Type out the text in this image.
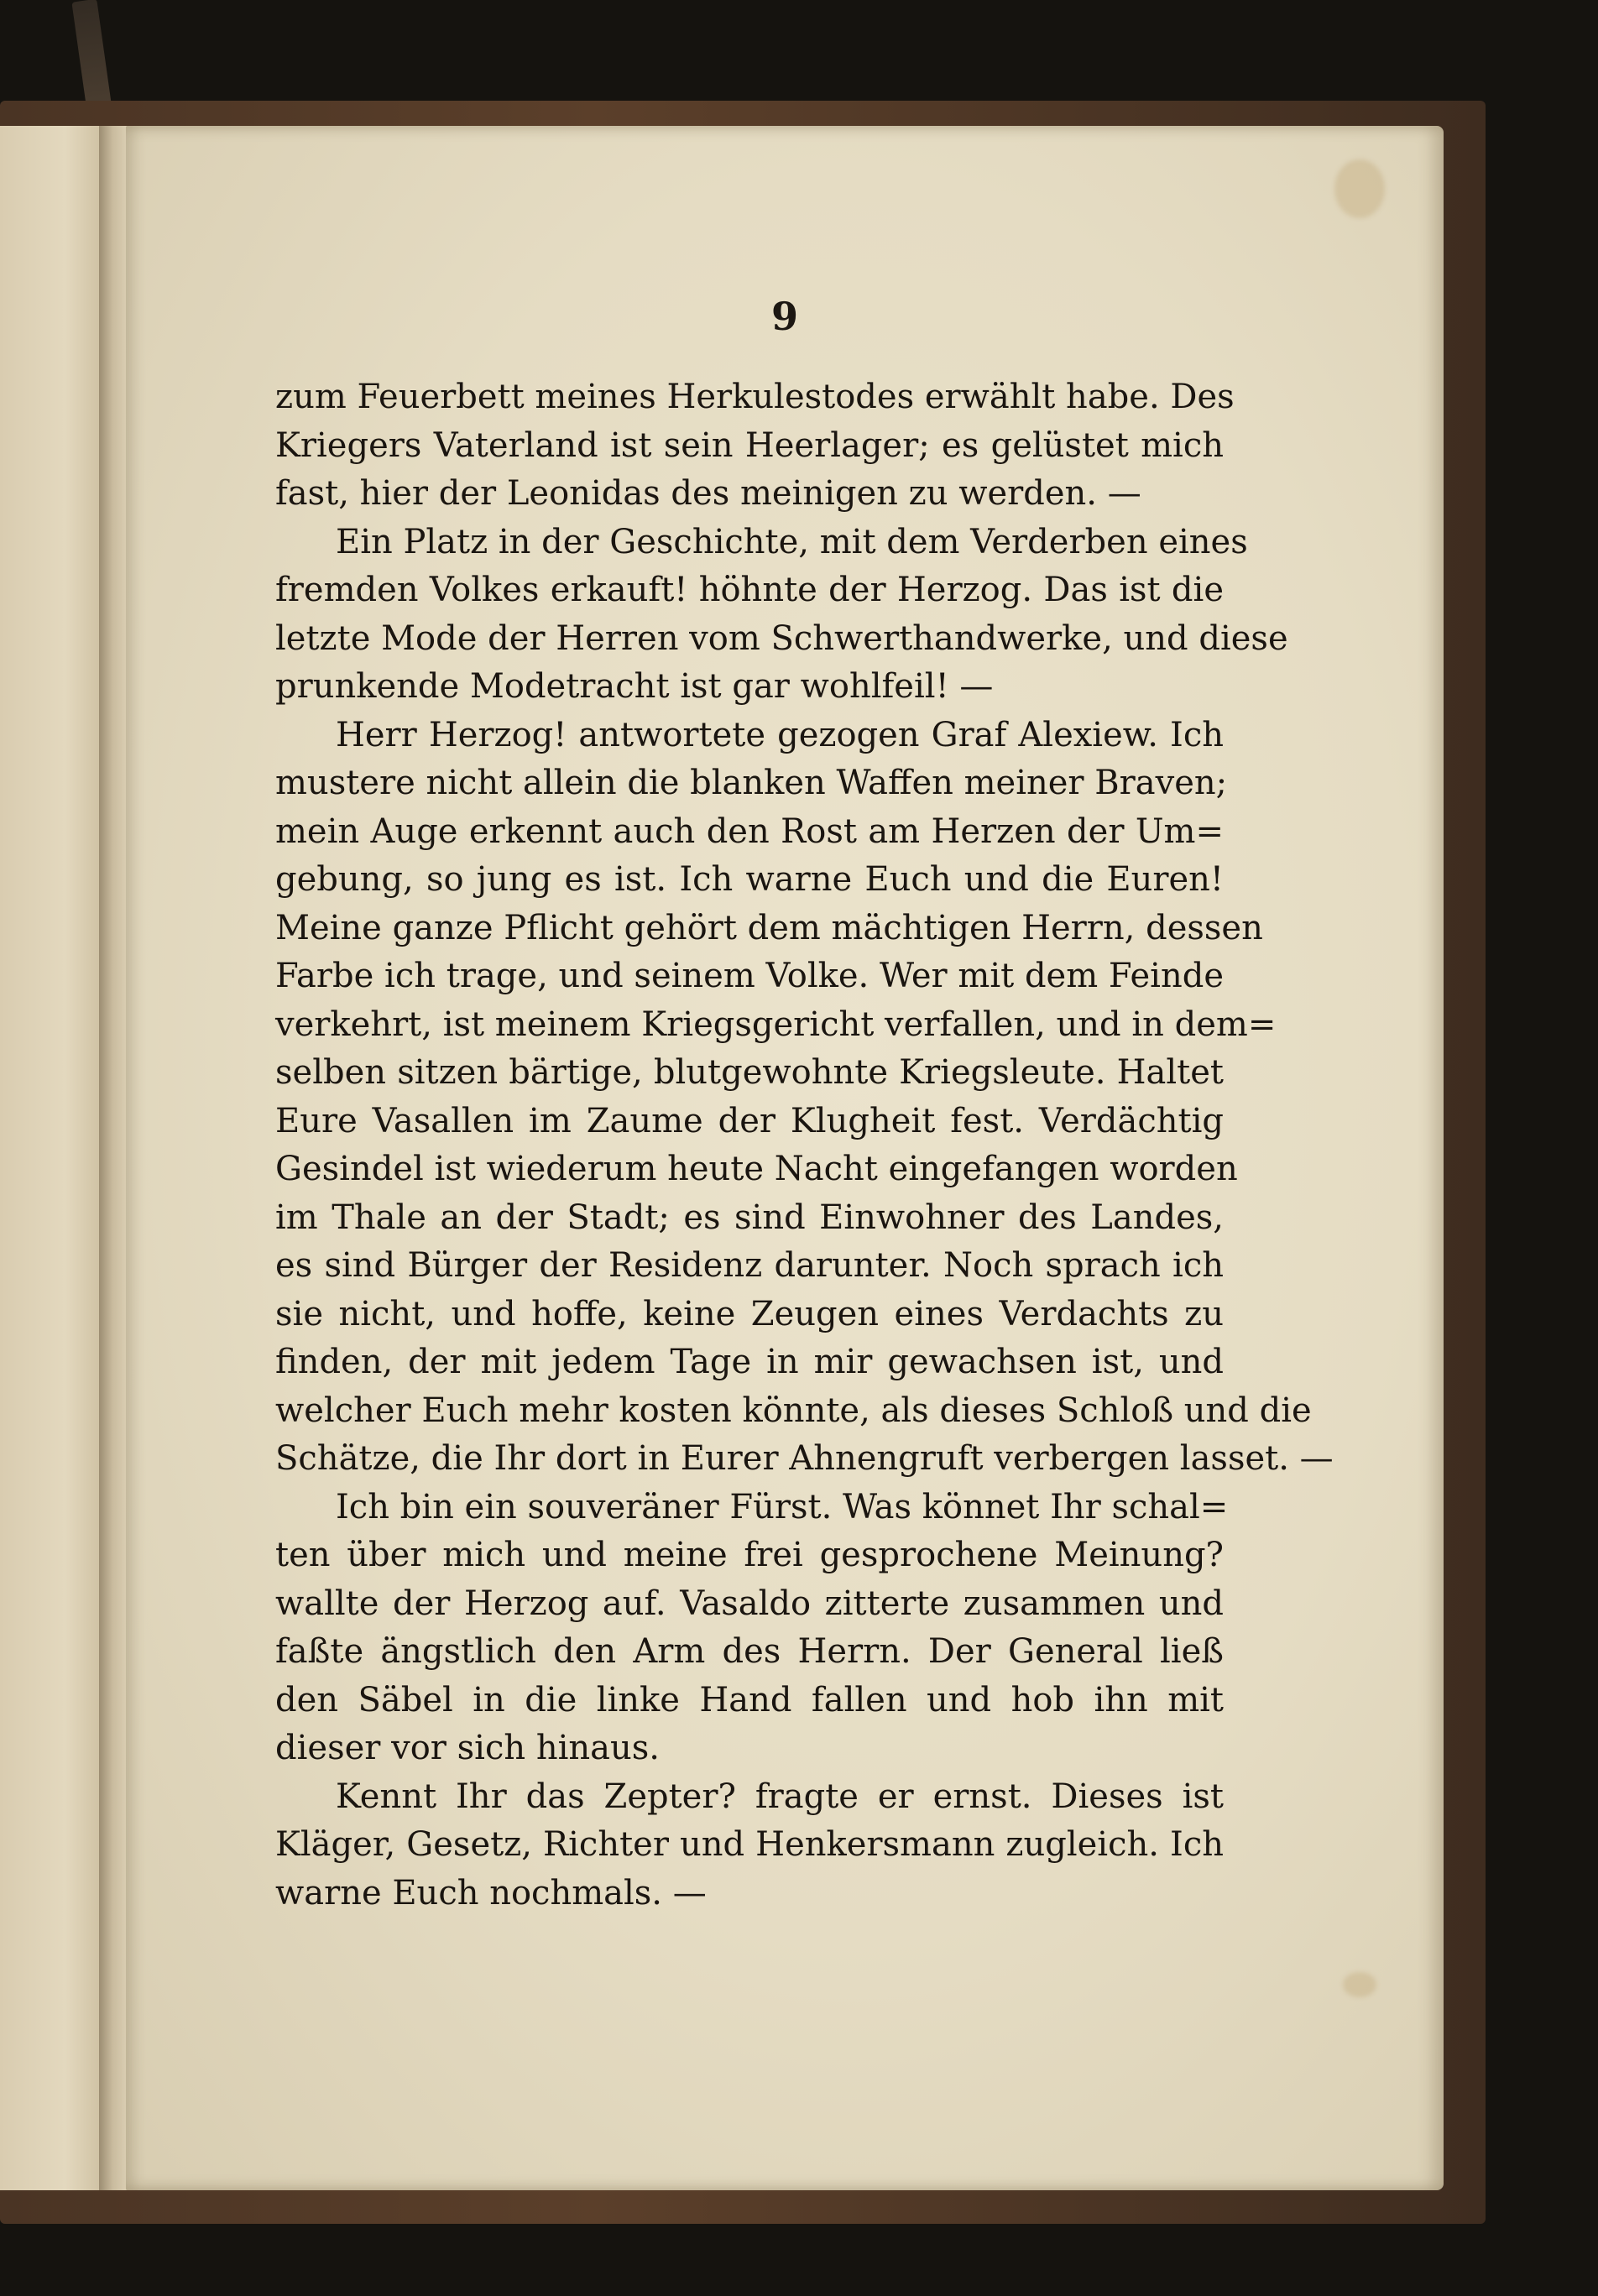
9
zum Feuerbett meines Herkulestodes erwählt habe. Des
Kriegers Vaterland ist sein Heerlager; es gelüstet mich
fast, hier der Leonidas des meinigen zu werden. —
Ein Platz in der Geschichte, mit dem Verderben eines
fremden Volkes erkauft! höhnte der Herzog. Das ist die
letzte Mode der Herren vom Schwerthandwerke, und diese
prunkende Modetracht ist gar wohlfeil! —
Herr Herzog! antwortete gezogen Graf Alexiew. Ich
mustere nicht allein die blanken Waffen meiner Braven;
mein Auge erkennt auch den Rost am Herzen der Um=
gebung, so jung es ist. Ich warne Euch und die Euren!
Meine ganze Pflicht gehört dem mächtigen Herrn, dessen
Farbe ich trage, und seinem Volke. Wer mit dem Feinde
verkehrt, ist meinem Kriegsgericht verfallen, und in dem=
selben sitzen bärtige, blutgewohnte Kriegsleute. Haltet
Eure Vasallen im Zaume der Klugheit fest. Verdächtig
Gesindel ist wiederum heute Nacht eingefangen worden
im Thale an der Stadt; es sind Einwohner des Landes,
es sind Bürger der Residenz darunter. Noch sprach ich
sie nicht, und hoffe, keine Zeugen eines Verdachts zu
finden, der mit jedem Tage in mir gewachsen ist, und
welcher Euch mehr kosten könnte, als dieses Schloß und die
Schätze, die Ihr dort in Eurer Ahnengruft verbergen lasset. —
Ich bin ein souveräner Fürst. Was könnet Ihr schal=
ten über mich und meine frei gesprochene Meinung?
wallte der Herzog auf. Vasaldo zitterte zusammen und
faßte ängstlich den Arm des Herrn. Der General ließ
den Säbel in die linke Hand fallen und hob ihn mit
dieser vor sich hinaus.
Kennt Ihr das Zepter? fragte er ernst. Dieses ist
Kläger, Gesetz, Richter und Henkersmann zugleich. Ich
warne Euch nochmals. —
